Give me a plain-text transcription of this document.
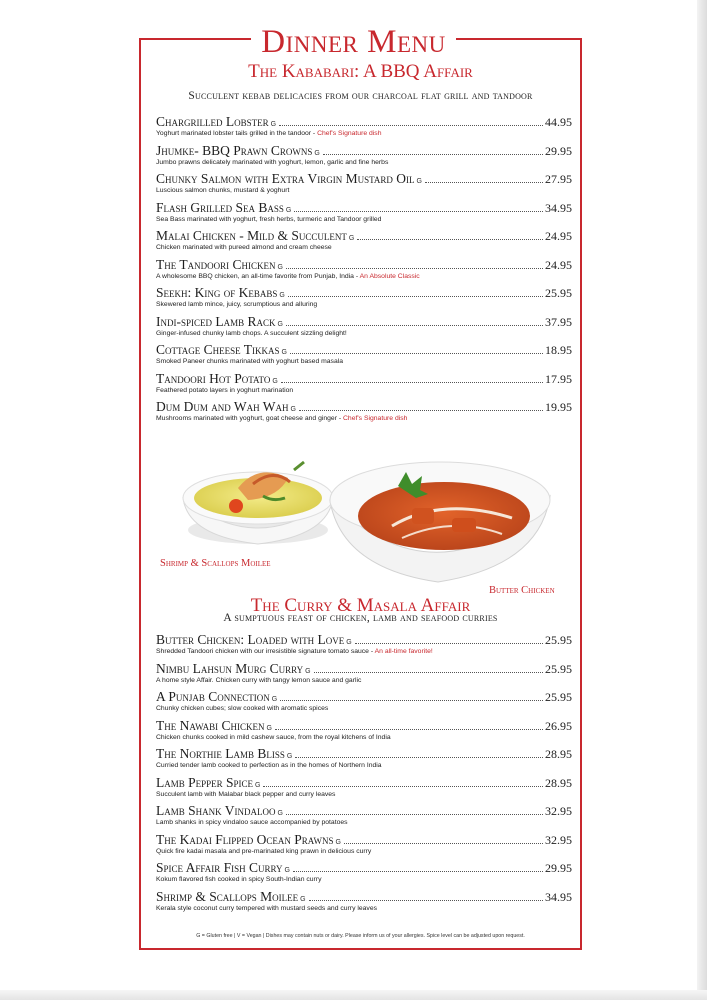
Dinner Menu
The Kababari: A BBQ Affair
Succulent kebab delicacies from our charcoal flat grill and tandoor
Chargrilled Lobster G	44.95
Yoghurt marinated lobster tails grilled in the tandoor - Chef's Signature dish
Jhumke- BBQ Prawn Crowns G	29.95
Jumbo prawns delicately marinated with yoghurt, lemon, garlic and fine herbs
Chunky Salmon with Extra Virgin Mustard Oil G	27.95
Luscious salmon chunks, mustard & yoghurt
Flash Grilled Sea Bass G	34.95
Sea Bass marinated with yoghurt, fresh herbs, turmeric and Tandoor grilled
Malai Chicken - Mild & Succulent G	24.95
Chicken marinated with pureed almond and cream cheese
The Tandoori Chicken G	24.95
A wholesome BBQ chicken, an all-time favorite from Punjab, India - An Absolute Classic
Seekh: King of Kebabs G	25.95
Skewered lamb mince, juicy, scrumptious and alluring
Indi-spiced Lamb Rack G	37.95
Ginger-infused chunky lamb chops. A succulent sizzling delight!
Cottage Cheese Tikkas G	18.95
Smoked Paneer chunks marinated with yoghurt based masala
Tandoori Hot Potato G	17.95
Feathered potato layers in yoghurt marination
Dum Dum and Wah Wah G	19.95
Mushrooms marinated with yoghurt, goat cheese and ginger - Chef's Signature dish
Shrimp & Scallops Moilee
Butter Chicken
The Curry & Masala Affair
A sumptuous feast of chicken, lamb and seafood curries
Butter Chicken: Loaded with Love G	25.95
Shredded Tandoori chicken with our irresistible signature tomato sauce - An all-time favorite!
Nimbu Lahsun Murg Curry G	25.95
A home style Affair. Chicken curry with tangy lemon sauce and garlic
A Punjab Connection G	25.95
Chunky chicken cubes; slow cooked with aromatic spices
The Nawabi Chicken G	26.95
Chicken chunks cooked in mild cashew sauce, from the royal kitchens of India
The Northie Lamb Bliss G	28.95
Curried tender lamb cooked to perfection as in the homes of Northern India
Lamb Pepper Spice G	28.95
Succulent lamb with Malabar black pepper and curry leaves
Lamb Shank Vindaloo G	32.95
Lamb shanks in spicy vindaloo sauce accompanied by potatoes
The Kadai Flipped Ocean Prawns G	32.95
Quick fire kadai masala and pre-marinated king prawn in delicious curry
Spice Affair Fish Curry G	29.95
Kokum flavored fish cooked in spicy South-Indian curry
Shrimp & Scallops Moilee G	34.95
Kerala style coconut curry tempered with mustard seeds and curry leaves
G = Gluten free | V = Vegan | Dishes may contain nuts or dairy. Please inform us of your allergies. Spice level can be adjusted upon request.
